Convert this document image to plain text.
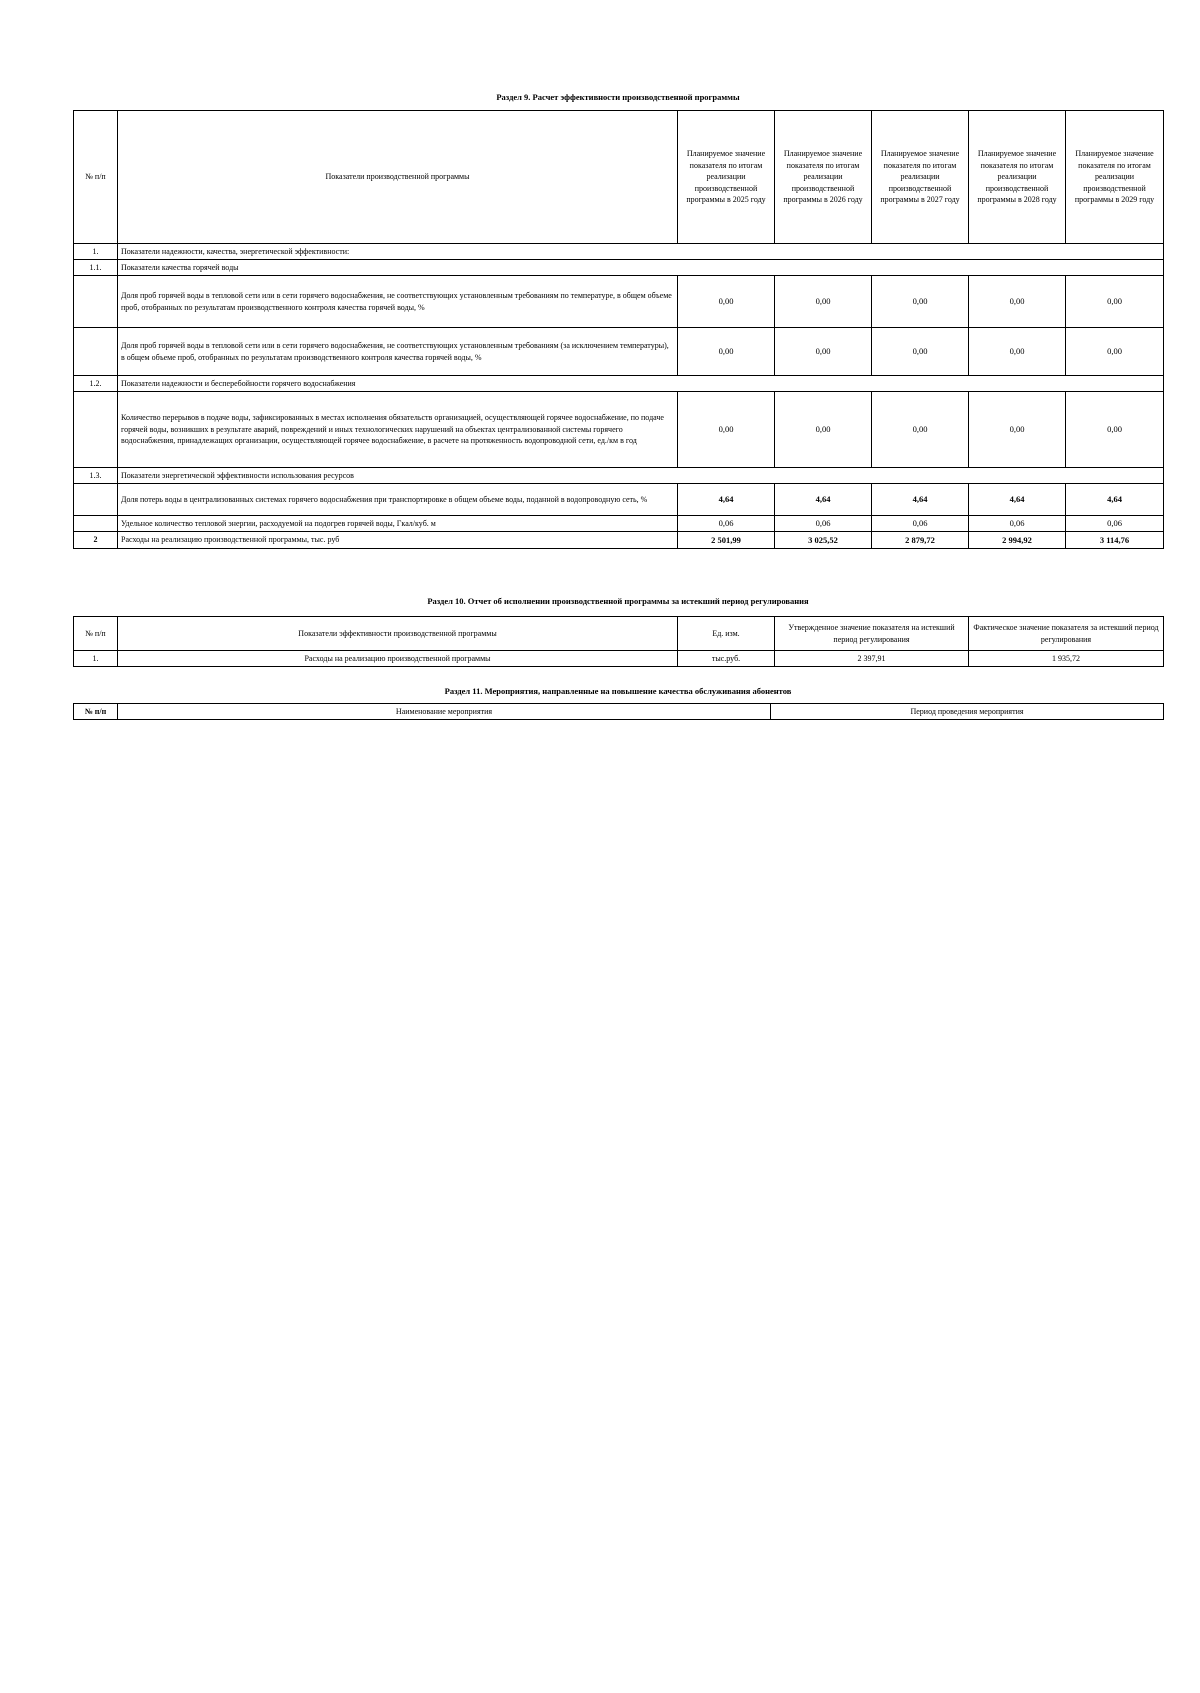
Раздел 9. Расчет эффективности производственной программы
№ п/п	Показатели производственной программы	Планируемое значение показателя по итогам реализации производственной программы в 2025 году	Планируемое значение показателя по итогам реализации производственной программы в 2026 году	Планируемое значение показателя по итогам реализации производственной программы в 2027 году	Планируемое значение показателя по итогам реализации производственной программы в 2028 году	Планируемое значение показателя по итогам реализации производственной программы в 2029 году
1.	Показатели надежности, качества, энергетической эффективности:					
1.1.	Показатели качества горячей воды					
	Доля проб горячей воды в тепловой сети или в сети горячего водоснабжения, не соответствующих установленным требованиям по температуре, в общем объеме проб, отобранных по результатам производственного контроля качества горячей воды, %	0,00	0,00	0,00	0,00	0,00
	Доля проб горячей воды в тепловой сети или в сети горячего водоснабжения, не соответствующих установленным требованиям (за исключением температуры), в общем объеме проб, отобранных по результатам производственного контроля качества горячей воды, %	0,00	0,00	0,00	0,00	0,00
1.2.	Показатели надежности и бесперебойности горячего водоснабжения					
	Количество перерывов в подаче воды, зафиксированных в местах исполнения обязательств организацией, осуществляющей горячее водоснабжение, по подаче горячей воды, возникших в результате аварий, повреждений и иных технологических нарушений на объектах централизованной системы горячего водоснабжения, принадлежащих организации, осуществляющей горячее водоснабжение, в расчете на протяженность водопроводной сети, ед./км в год	0,00	0,00	0,00	0,00	0,00
1.3.	Показатели энергетической эффективности использования ресурсов					
	Доля потерь воды в централизованных системах горячего водоснабжения при транспортировке в общем объеме воды, поданной в водопроводную сеть, %	4,64	4,64	4,64	4,64	4,64
	Удельное количество тепловой энергии, расходуемой на подогрев горячей воды, Гкал/куб. м	0,06	0,06	0,06	0,06	0,06
2	Расходы на реализацию производственной программы, тыс. руб	2 501,99	3 025,52	2 879,72	2 994,92	3 114,76
Раздел 10. Отчет об исполнении производственной программы за истекший период регулирования
№ п/п	Показатели эффективности производственной программы	Ед. изм.	Утвержденное значение показателя на истекший период регулирования	Фактическое значение показателя за истекший период регулирования
1.	Расходы на реализацию производственной программы	тыс.руб.	2 397,91	1 935,72
Раздел 11. Мероприятия, направленные на повышение качества обслуживания абонентов
№ п/п	Наименование мероприятия	Период проведения мероприятия
